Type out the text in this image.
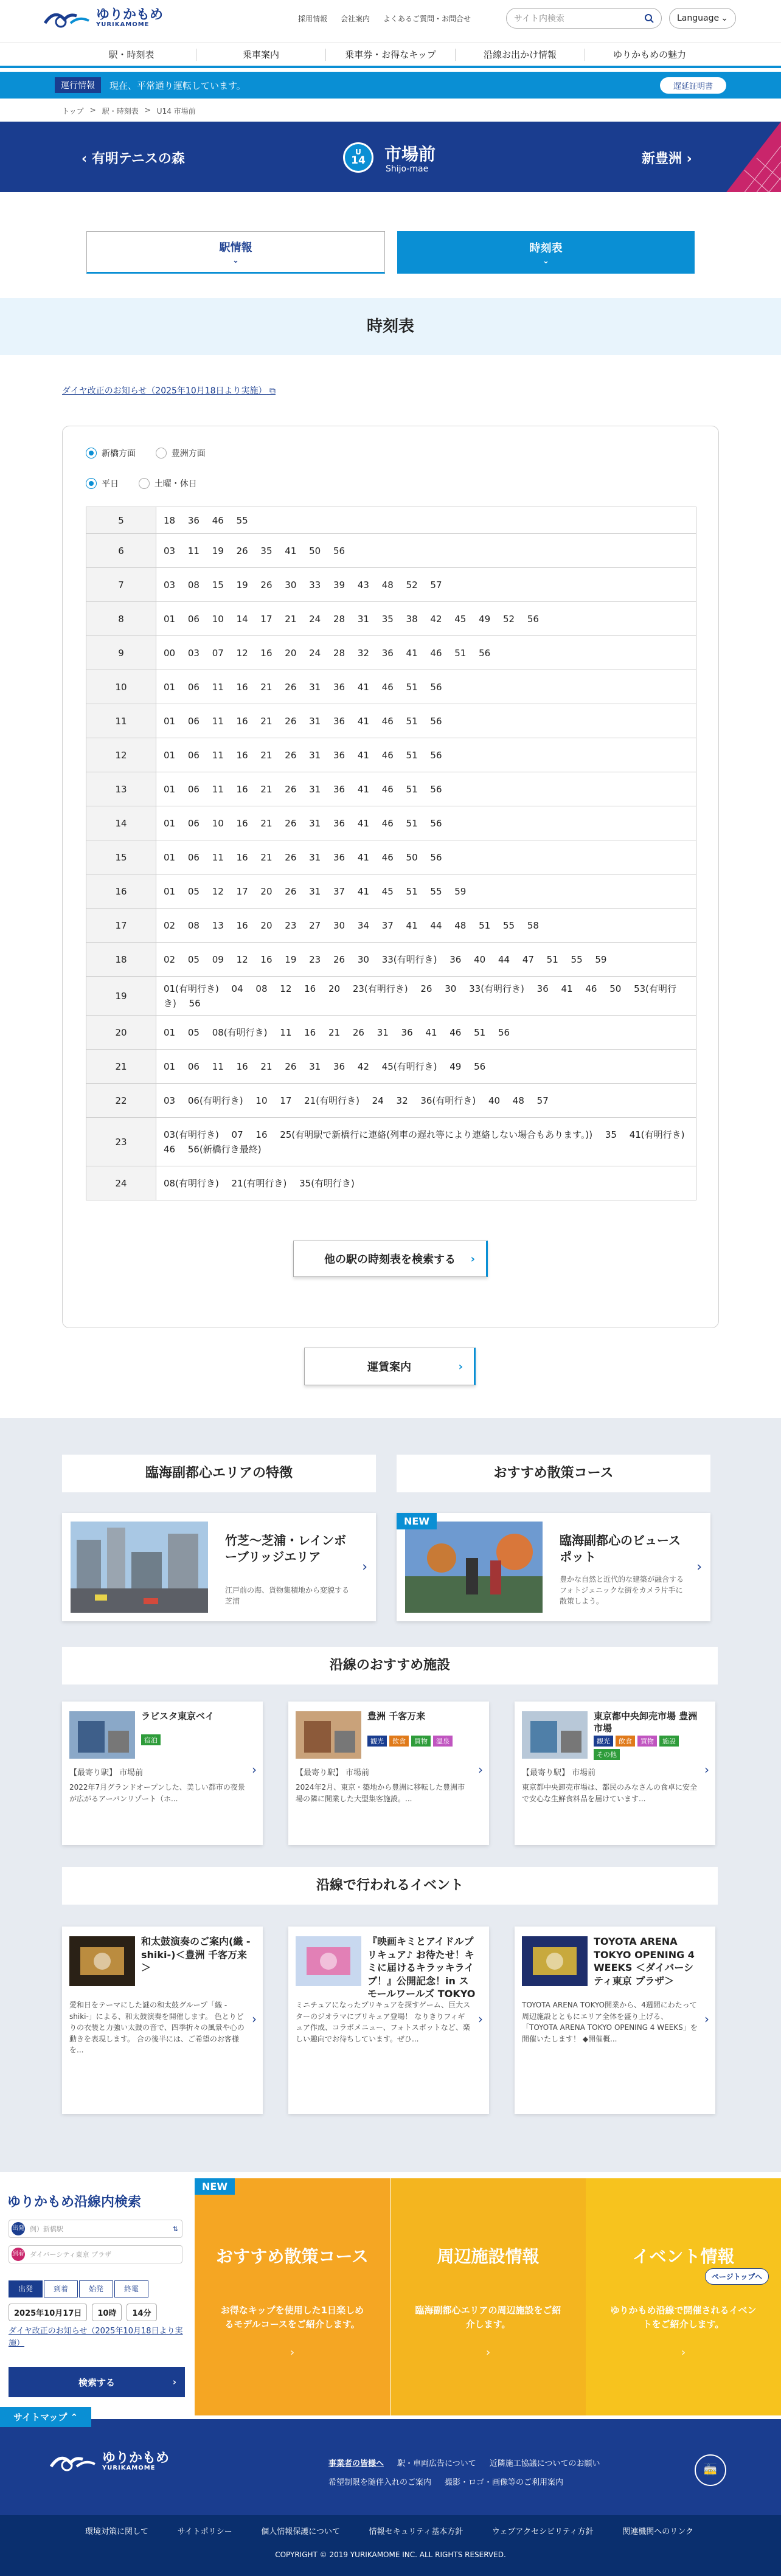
ゆりかもめ
YURIKAMOME
採用情報 会社案内 よくあるご質問・お問合せ	サイト内検索	Language ⌄
駅・時刻表	乗車案内	乗車券・お得なキップ	沿線お出かけ情報	ゆりかもめの魅力
運行情報	現在、平常通り運転しています。	遅延証明書
トップ > 駅・時刻表 > U14 市場前
‹ 有明テニスの森	U
14	市場前
Shijo-mae
新豊洲 ›
駅情報
⌄
時刻表
⌄
時刻表
ダイヤ改正のお知らせ（2025年10月18日より実施） ⧉
新橋方面
	豊洲方面
平日
	土曜・休日
5	18 36 46 55
6	03 11 19 26 35 41 50 56
7	03 08 15 19 26 30 33 39 43 48 52 57
8	01 06 10 14 17 21 24 28 31 35 38 42 45 49 52 56
9	00 03 07 12 16 20 24 28 32 36 41 46 51 56
10	01 06 11 16 21 26 31 36 41 46 51 56
11	01 06 11 16 21 26 31 36 41 46 51 56
12	01 06 11 16 21 26 31 36 41 46 51 56
13	01 06 11 16 21 26 31 36 41 46 51 56
14	01 06 10 16 21 26 31 36 41 46 51 56
15	01 06 11 16 21 26 31 36 41 46 50 56
16	01 05 12 17 20 26 31 37 41 45 51 55 59
17	02 08 13 16 20 23 27 30 34 37 41 44 48 51 55 58
18	02 05 09 12 16 19 23 26 30 33(有明行き) 36 40 44 47 51 55 59
19	01(有明行き) 04 08 12 16 20 23(有明行き) 26 30 33(有明行き) 36 41 46 50 53(有明行き) 56
20	01 05 08(有明行き) 11 16 21 26 31 36 41 46 51 56
21	01 06 11 16 21 26 31 36 42 45(有明行き) 49 56
22	03 06(有明行き) 10 17 21(有明行き) 24 32 36(有明行き) 40 48 57
23	03(有明行き) 07 16 25(有明駅で新橋行に連絡(列車の遅れ等により連絡しない場合もあります。)) 35 41(有明行き) 46 56(新橋行き最終)
24	08(有明行き) 21(有明行き) 35(有明行き)
他の駅の時刻表を検索する ›
運賃案内	›
臨海副都心エリアの特徴	おすすめ散策コース
竹芝〜芝浦・レインボーブリッジエリア
江戸前の海、貨物集積地から変貌する芝浦
›
NEW
臨海副都心のビュースポット
豊かな自然と近代的な建築が融合するフォトジェニックな街をカメラ片手に散策しよう。
›
沿線のおすすめ施設
ラビスタ東京ベイ
宿泊
【最寄り駅】 市場前
2022年7月グランドオープンした、美しい都市の夜景が広がるアーバンリゾート（ホ...
›
豊洲 千客万来
観光	飲食	買物	温泉
【最寄り駅】 市場前
2024年2月、東京・築地から豊洲に移転した豊洲市場の隣に開業した大型集客施設。...
›
東京都中央卸売市場 豊洲市場
観光	飲食	買物	施設
その他
【最寄り駅】 市場前
東京都中央卸売市場は、都民のみなさんの食卓に安全で安心な生鮮食料品を届けています...
›
沿線で行われるイベント
和太鼓演奏のご案内(織 -shiki-)＜豊洲 千客万来＞
愛和日をテーマにした謎の和太鼓グループ「織 -shiki-」による、和太鼓演奏を開催します。 色とりどりの衣装と力強い太鼓の音で、四季折々の風景や心の動きを表現します。 合の後半には、ご希望のお客様を...
›
『映画キミとアイドルプリキュア♪ お待たせ！キミに届けるキラッキライブ！』公開記念！in スモールワールズ TOKYO
ミニチュアになったプリキュアを探すゲーム、巨大スターのジオラマにプリキュア登場！ なりきりフィギュア作成、コラボメニュー、フォトスポットなど、楽しい趣向でお待ちしています。ぜひ...
›
TOYOTA ARENA TOKYO OPENING 4 WEEKS ＜ダイバーシティ東京 プラザ＞
TOYOTA ARENA TOKYO開業から、4週間にわたって周辺施設とともにエリア全体を盛り上げる、「TOYOTA ARENA TOKYO OPENING 4 WEEKS」を開催いたします！ ◆開催概...
›
ゆりかもめ沿線内検索
出発 例）新橋駅	⇅
到着 ダイバーシティ東京 プラザ
出発	到着	始発	終電
2025年10月17日	10時	14分
ダイヤ改正のお知らせ（2025年10月18日より実施）
検索する	›
NEW
おすすめ散策コース
お得なキップを使用した1日楽しめるモデルコースをご紹介します。
›
周辺施設情報
臨海副都心エリアの周辺施設をご紹介します。
›
イベント情報
ゆりかもめ沿線で開催されるイベントをご紹介します。
›
ページトップへ
サイトマップ ⌃
ゆりかもめ
YURIKAMOME	事業者の皆様へ 駅・車両広告について 近隣施工協議についてのお願い
希望制限を随伴入れのご案内 撮影・ロゴ・画像等のご利用案内
🚋
環境対策に関して	サイトポリシー	個人情報保護について	情報セキュリティ基本方針	ウェブアクセシビリティ方針	関連機関へのリンク
COPYRIGHT © 2019 YURIKAMOME INC. ALL RIGHTS RESERVED.
